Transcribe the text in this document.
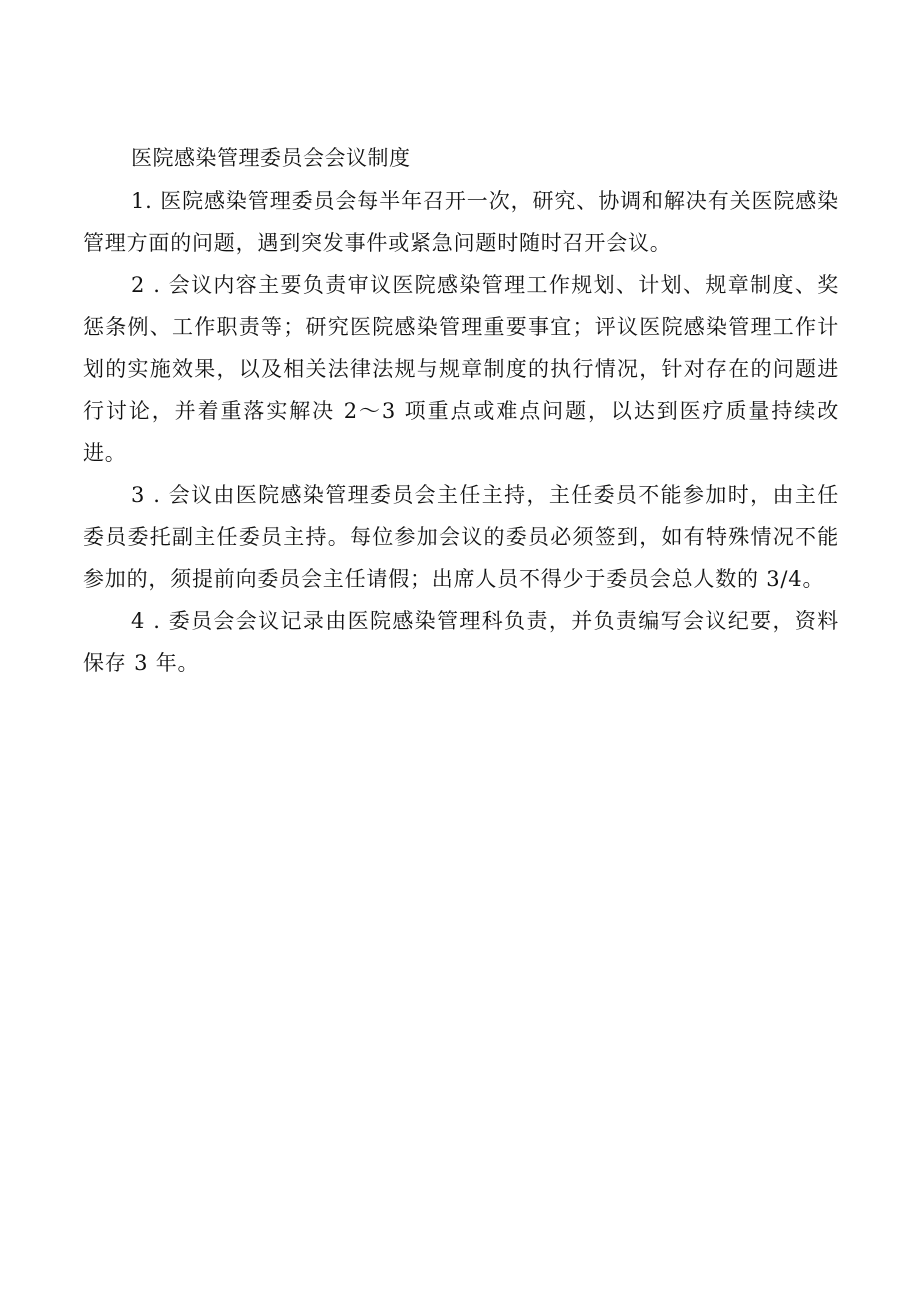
医院感染管理委员会会议制度

1. 医院感染管理委员会每半年召开一次，研究、协调和解决有关医院感染管理方面的问题，遇到突发事件或紧急问题时随时召开会议。

2 . 会议内容主要负责审议医院感染管理工作规划、计划、规章制度、奖惩条例、工作职责等；研究医院感染管理重要事宜；评议医院感染管理工作计划的实施效果，以及相关法律法规与规章制度的执行情况，针对存在的问题进行讨论，并着重落实解决 2～3 项重点或难点问题，以达到医疗质量持续改进。

3 . 会议由医院感染管理委员会主任主持，主任委员不能参加时，由主任委员委托副主任委员主持。每位参加会议的委员必须签到，如有特殊情况不能参加的，须提前向委员会主任请假；出席人员不得少于委员会总人数的 3/4。

4 . 委员会会议记录由医院感染管理科负责，并负责编写会议纪要，资料保存 3 年。
